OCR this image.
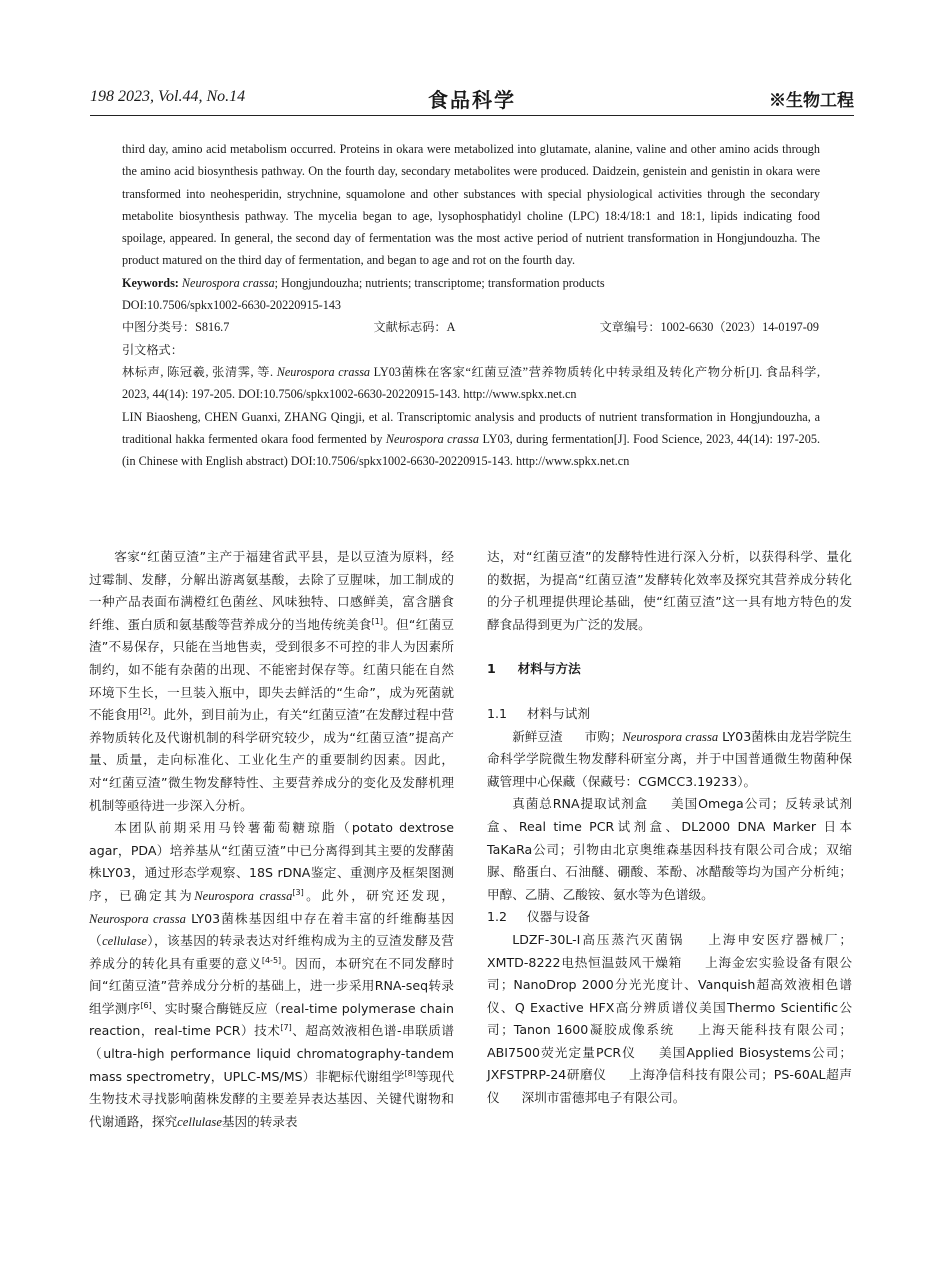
198 2023, Vol.44, No.14	食品科学	※生物工程

third day, amino acid metabolism occurred. Proteins in okara were metabolized into glutamate, alanine, valine and other amino acids through the amino acid biosynthesis pathway. On the fourth day, secondary metabolites were produced. Daidzein, genistein and genistin in okara were transformed into neohesperidin, strychnine, squamolone and other substances with special physiological activities through the secondary metabolite biosynthesis pathway. The mycelia began to age, lysophosphatidyl choline (LPC) 18:4/18:1 and 18:1, lipids indicating food spoilage, appeared. In general, the second day of fermentation was the most active period of nutrient transformation in Hongjundouzha. The product matured on the third day of fermentation, and began to age and rot on the fourth day.

Keywords: Neurospora crassa; Hongjundouzha; nutrients; transcriptome; transformation products

DOI:10.7506/spkx1002-6630-20220915-143

中图分类号：S816.7	文献标志码：A	文章编号：1002-6630（2023）14-0197-09

引文格式：

林标声, 陈冠羲, 张清霁, 等. Neurospora crassa LY03菌株在客家“红菌豆渣”营养物质转化中转录组及转化产物分析[J]. 食品科学, 2023, 44(14): 197-205. DOI:10.7506/spkx1002-6630-20220915-143. http://www.spkx.net.cn

LIN Biaosheng, CHEN Guanxi, ZHANG Qingji, et al. Transcriptomic analysis and products of nutrient transformation in Hongjundouzha, a traditional hakka fermented okara food fermented by Neurospora crassa LY03, during fermentation[J]. Food Science, 2023, 44(14): 197-205. (in Chinese with English abstract) DOI:10.7506/spkx1002-6630-20220915-143. http://www.spkx.net.cn

客家“红菌豆渣”主产于福建省武平县，是以豆渣为原料，经过霉制、发酵，分解出游离氨基酸，去除了豆腥味，加工制成的一种产品表面布满橙红色菌丝、风味独特、口感鲜美，富含膳食纤维、蛋白质和氨基酸等营养成分的当地传统美食[1]。但“红菌豆渣”不易保存，只能在当地售卖，受到很多不可控的非人为因素所制约，如不能有杂菌的出现、不能密封保存等。红菌只能在自然环境下生长，一旦装入瓶中，即失去鲜活的“生命”，成为死菌就不能食用[2]。此外，到目前为止，有关“红菌豆渣”在发酵过程中营养物质转化及代谢机制的科学研究较少，成为“红菌豆渣”提高产量、质量，走向标准化、工业化生产的重要制约因素。因此，对“红菌豆渣”微生物发酵特性、主要营养成分的变化及发酵机理机制等亟待进一步深入分析。

本团队前期采用马铃薯葡萄糖琼脂（potato dextrose agar，PDA）培养基从“红菌豆渣”中已分离得到其主要的发酵菌株LY03，通过形态学观察、18S rDNA鉴定、重测序及框架图测序，已确定其为Neurospora crassa[3]。此外，研究还发现，Neurospora crassa LY03菌株基因组中存在着丰富的纤维酶基因（cellulase），该基因的转录表达对纤维构成为主的豆渣发酵及营养成分的转化具有重要的意义[4-5]。因而，本研究在不同发酵时间“红菌豆渣”营养成分分析的基础上，进一步采用RNA-seq转录组学测序[6]、实时聚合酶链反应（real-time polymerase chain reaction，real-time PCR）技术[7]、超高效液相色谱-串联质谱（ultra-high performance liquid chromatography-tandem mass spectrometry，UPLC-MS/MS）非靶标代谢组学[8]等现代生物技术寻找影响菌株发酵的主要差异表达基因、关键代谢物和代谢通路，探究cellulase基因的转录表

达，对“红菌豆渣”的发酵特性进行深入分析，以获得科学、量化的数据，为提高“红菌豆渣”发酵转化效率及探究其营养成分转化的分子机理提供理论基础，使“红菌豆渣”这一具有地方特色的发酵食品得到更为广泛的发展。

1 材料与方法

1.1 材料与试剂

新鲜豆渣 市购；Neurospora crassa LY03菌株由龙岩学院生命科学学院微生物发酵科研室分离，并于中国普通微生物菌种保藏管理中心保藏（保藏号：CGMCC3.19233）。

真菌总RNA提取试剂盒 美国Omega公司；反转录试剂盒、Real time PCR试剂盒、DL2000 DNA Marker 日本TaKaRa公司；引物由北京奥维森基因科技有限公司合成；双缩脲、酪蛋白、石油醚、硼酸、苯酚、冰醋酸等均为国产分析纯；甲醇、乙腈、乙酸铵、氨水等为色谱级。

1.2 仪器与设备

LDZF-30L-I高压蒸汽灭菌锅 上海申安医疗器械厂；XMTD-8222电热恒温鼓风干燥箱 上海金宏实验设备有限公司；NanoDrop 2000分光光度计、Vanquish超高效液相色谱仪、Q Exactive HFX高分辨质谱仪美国Thermo Scientific公司；Tanon 1600凝胶成像系统 上海天能科技有限公司；ABI7500荧光定量PCR仪 美国Applied Biosystems公司；JXFSTPRP-24研磨仪 上海净信科技有限公司；PS-60AL超声仪 深圳市雷德邦电子有限公司。
